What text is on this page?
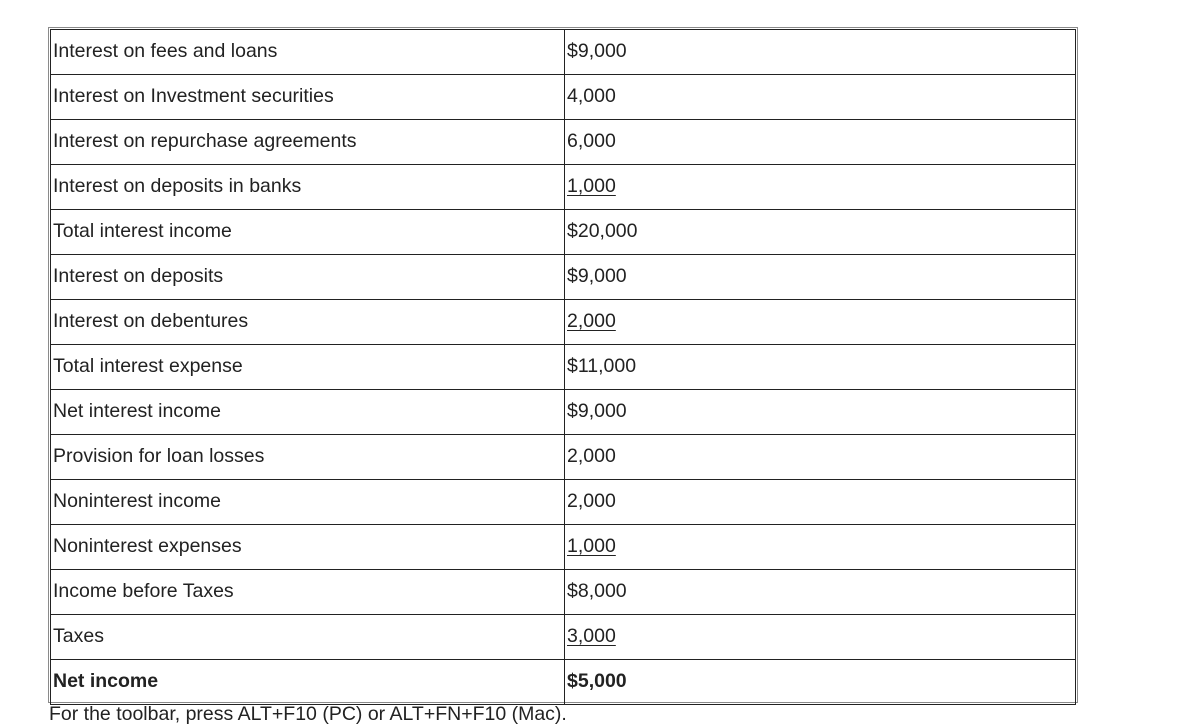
Interest on fees and loans	$9,000
Interest on Investment securities	4,000
Interest on repurchase agreements	6,000
Interest on deposits in banks	1,000
Total interest income	$20,000
Interest on deposits	$9,000
Interest on debentures	2,000
Total interest expense	$11,000
Net interest income	$9,000
Provision for loan losses	2,000
Noninterest income	2,000
Noninterest expenses	1,000
Income before Taxes	$8,000
Taxes	3,000
Net income	$5,000
For the toolbar, press ALT+F10 (PC) or ALT+FN+F10 (Mac).
